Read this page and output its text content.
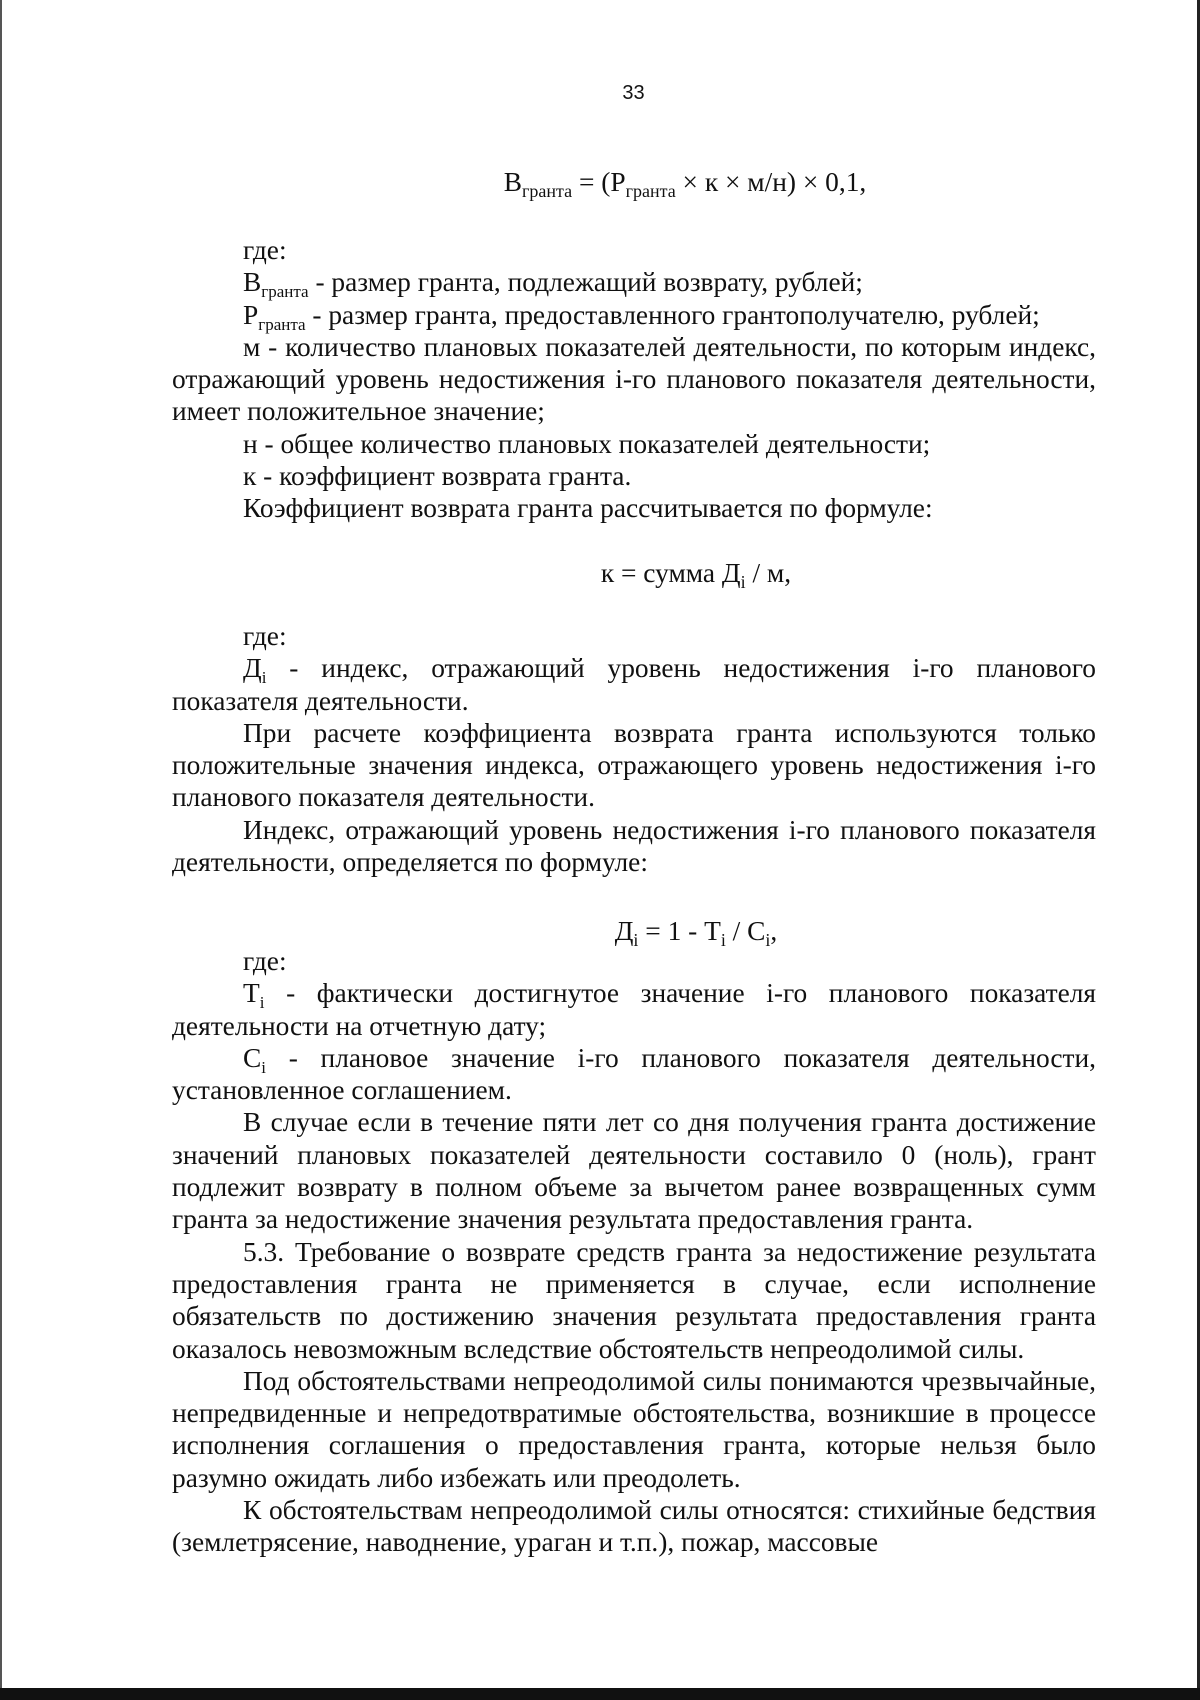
33
$В_{гранта} = (Р_{гранта} \times к \times м/н) \times 0,1$,

где:

$В_{гранта}$ - размер гранта, подлежащий возврату, рублей;

$Р_{гранта}$ - размер гранта, предоставленного грантополучателю, рублей;

м - количество плановых показателей деятельности, по которым индекс, отражающий уровень недостижения i-го планового показателя деятельности, имеет положительное значение;

н - общее количество плановых показателей деятельности;

к - коэффициент возврата гранта.

Коэффициент возврата гранта рассчитывается по формуле:

к = сумма $Д_i$ / м,

где:

$Д_i$ - индекс, отражающий уровень недостижения i-го планового показателя деятельности.

При расчете коэффициента возврата гранта используются только положительные значения индекса, отражающего уровень недостижения i-го планового показателя деятельности.

Индекс, отражающий уровень недостижения i-го планового показателя деятельности, определяется по формуле:

$Д_i = 1 - Т_i / С_i$,

где:

$Т_i$ - фактически достигнутое значение i-го планового показателя деятельности на отчетную дату;

$С_i$ - плановое значение i-го планового показателя деятельности, установленное соглашением.

В случае если в течение пяти лет со дня получения гранта достижение значений плановых показателей деятельности составило 0 (ноль), грант подлежит возврату в полном объеме за вычетом ранее возвращенных сумм гранта за недостижение значения результата предоставления гранта.

5.3. Требование о возврате средств гранта за недостижение результата предоставления гранта не применяется в случае, если исполнение обязательств по достижению значения результата предоставления гранта оказалось невозможным вследствие обстоятельств непреодолимой силы.

Под обстоятельствами непреодолимой силы понимаются чрезвычайные, непредвиденные и непредотвратимые обстоятельства, возникшие в процессе исполнения соглашения о предоставления гранта, которые нельзя было разумно ожидать либо избежать или преодолеть.

К обстоятельствам непреодолимой силы относятся: стихийные бедствия (землетрясение, наводнение, ураган и т.п.), пожар, массовые
